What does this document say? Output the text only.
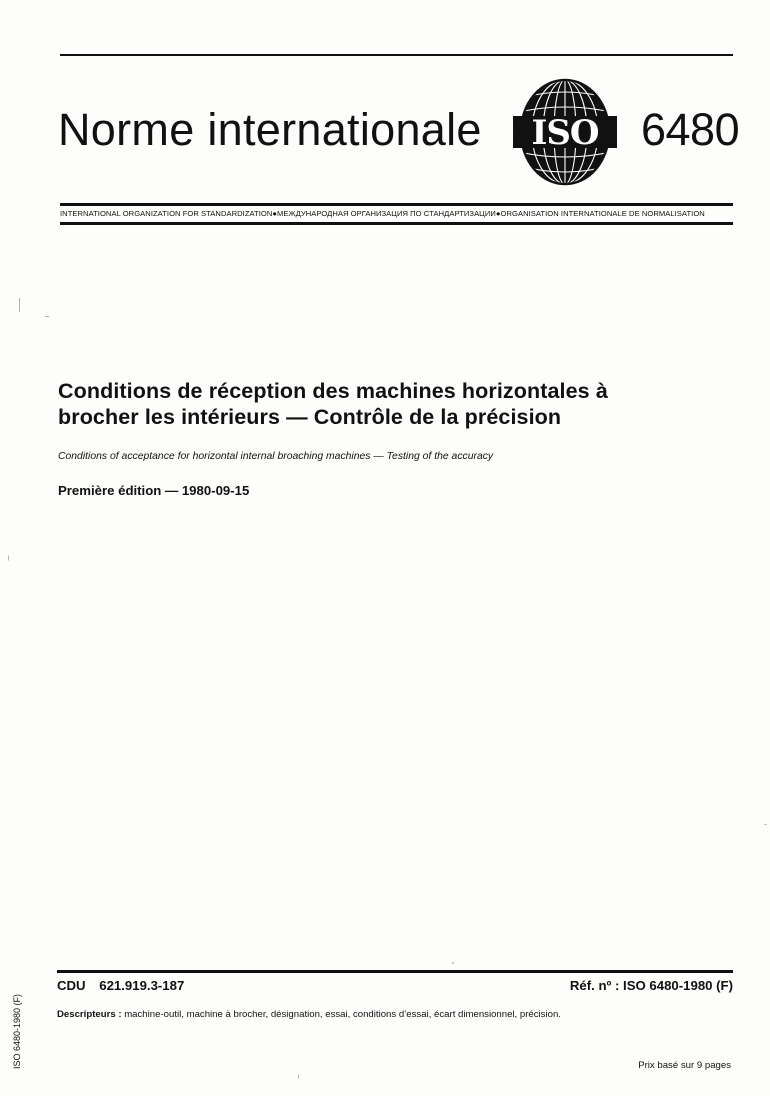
Norme internationale ISO 6480
INTERNATIONAL ORGANIZATION FOR STANDARDIZATION●МЕЖДУНАРОДНАЯ ОРГАНИЗАЦИЯ ПО СТАНДАРТИЗАЦИИ●ORGANISATION INTERNATIONALE DE NORMALISATION
Conditions de réception des machines horizontales à
brocher les intérieurs — Contrôle de la précision
Conditions of acceptance for horizontal internal broaching machines — Testing of the accuracy
Première édition — 1980-09-15
CDU 621.919.3-187	Réf. nº : ISO 6480-1980 (F)
Descripteurs : machine-outil, machine à brocher, désignation, essai, conditions d’essai, écart dimensionnel, précision.
Prix basé sur 9 pages
ISO 6480-1980 (F)
